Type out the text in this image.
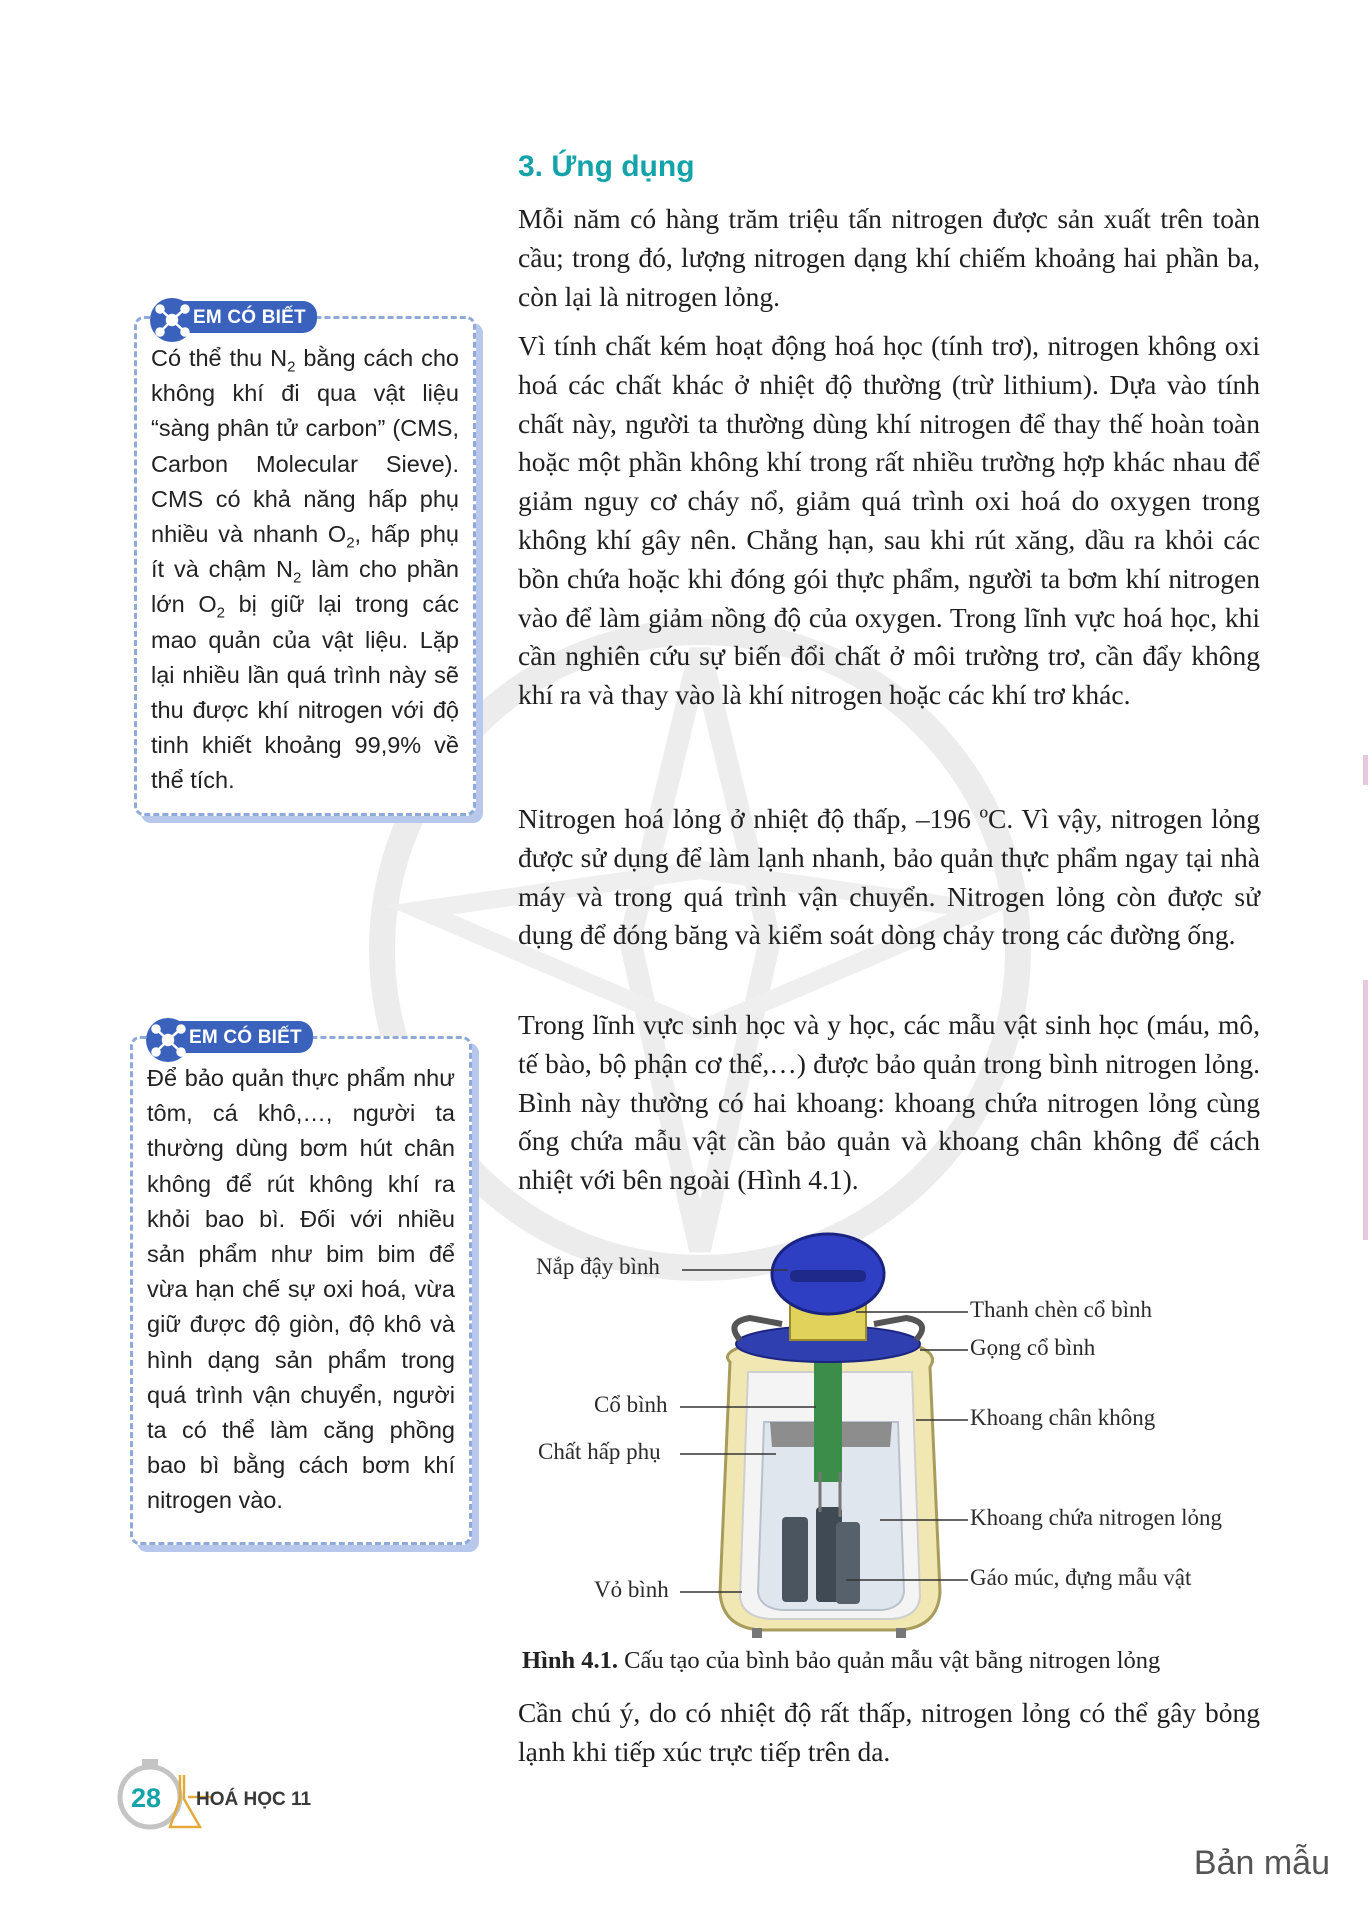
3. Ứng dụng

Mỗi năm có hàng trăm triệu tấn nitrogen được sản xuất trên toàn cầu; trong đó, lượng nitrogen dạng khí chiếm khoảng hai phần ba, còn lại là nitrogen lỏng.

Vì tính chất kém hoạt động hoá học (tính trơ), nitrogen không oxi hoá các chất khác ở nhiệt độ thường (trừ lithium). Dựa vào tính chất này, người ta thường dùng khí nitrogen để thay thế hoàn toàn hoặc một phần không khí trong rất nhiều trường hợp khác nhau để giảm nguy cơ cháy nổ, giảm quá trình oxi hoá do oxygen trong không khí gây nên. Chẳng hạn, sau khi rút xăng, dầu ra khỏi các bồn chứa hoặc khi đóng gói thực phẩm, người ta bơm khí nitrogen vào để làm giảm nồng độ của oxygen. Trong lĩnh vực hoá học, khi cần nghiên cứu sự biến đổi chất ở môi trường trơ, cần đẩy không khí ra và thay vào là khí nitrogen hoặc các khí trơ khác.

Nitrogen hoá lỏng ở nhiệt độ thấp, –196 ºC. Vì vậy, nitrogen lỏng được sử dụng để làm lạnh nhanh, bảo quản thực phẩm ngay tại nhà máy và trong quá trình vận chuyển. Nitrogen lỏng còn được sử dụng để đóng băng và kiểm soát dòng chảy trong các đường ống.

Trong lĩnh vực sinh học và y học, các mẫu vật sinh học (máu, mô, tế bào, bộ phận cơ thể,…) được bảo quản trong bình nitrogen lỏng. Bình này thường có hai khoang: khoang chứa nitrogen lỏng cùng ống chứa mẫu vật cần bảo quản và khoang chân không để cách nhiệt với bên ngoài (Hình 4.1).

EM CÓ BIẾT

Có thể thu $N_2$ bằng cách cho không khí đi qua vật liệu “sàng phân tử carbon” (CMS, Carbon Molecular Sieve). CMS có khả năng hấp phụ nhiều và nhanh $O_2$, hấp phụ ít và chậm $N_2$ làm cho phần lớn $O_2$ bị giữ lại trong các mao quản của vật liệu. Lặp lại nhiều lần quá trình này sẽ thu được khí nitrogen với độ tinh khiết khoảng 99,9% về thể tích.

EM CÓ BIẾT

Để bảo quản thực phẩm như tôm, cá khô,…, người ta thường dùng bơm hút chân không để rút không khí ra khỏi bao bì. Đối với nhiều sản phẩm như bim bim để vừa hạn chế sự oxi hoá, vừa giữ được độ giòn, độ khô và hình dạng sản phẩm trong quá trình vận chuyển, người ta có thể làm căng phồng bao bì bằng cách bơm khí nitrogen vào.

Nắp đậy bình
Cổ bình
Chất hấp phụ
Vỏ bình
Thanh chèn cổ bình
Gọng cổ bình
Khoang chân không
Khoang chứa nitrogen lỏng
Gáo múc, đựng mẫu vật

Hình 4.1. Cấu tạo của bình bảo quản mẫu vật bằng nitrogen lỏng

Cần chú ý, do có nhiệt độ rất thấp, nitrogen lỏng có thể gây bỏng lạnh khi tiếp xúc trực tiếp trên da.

28 HOÁ HỌC 11
Bản mẫu
